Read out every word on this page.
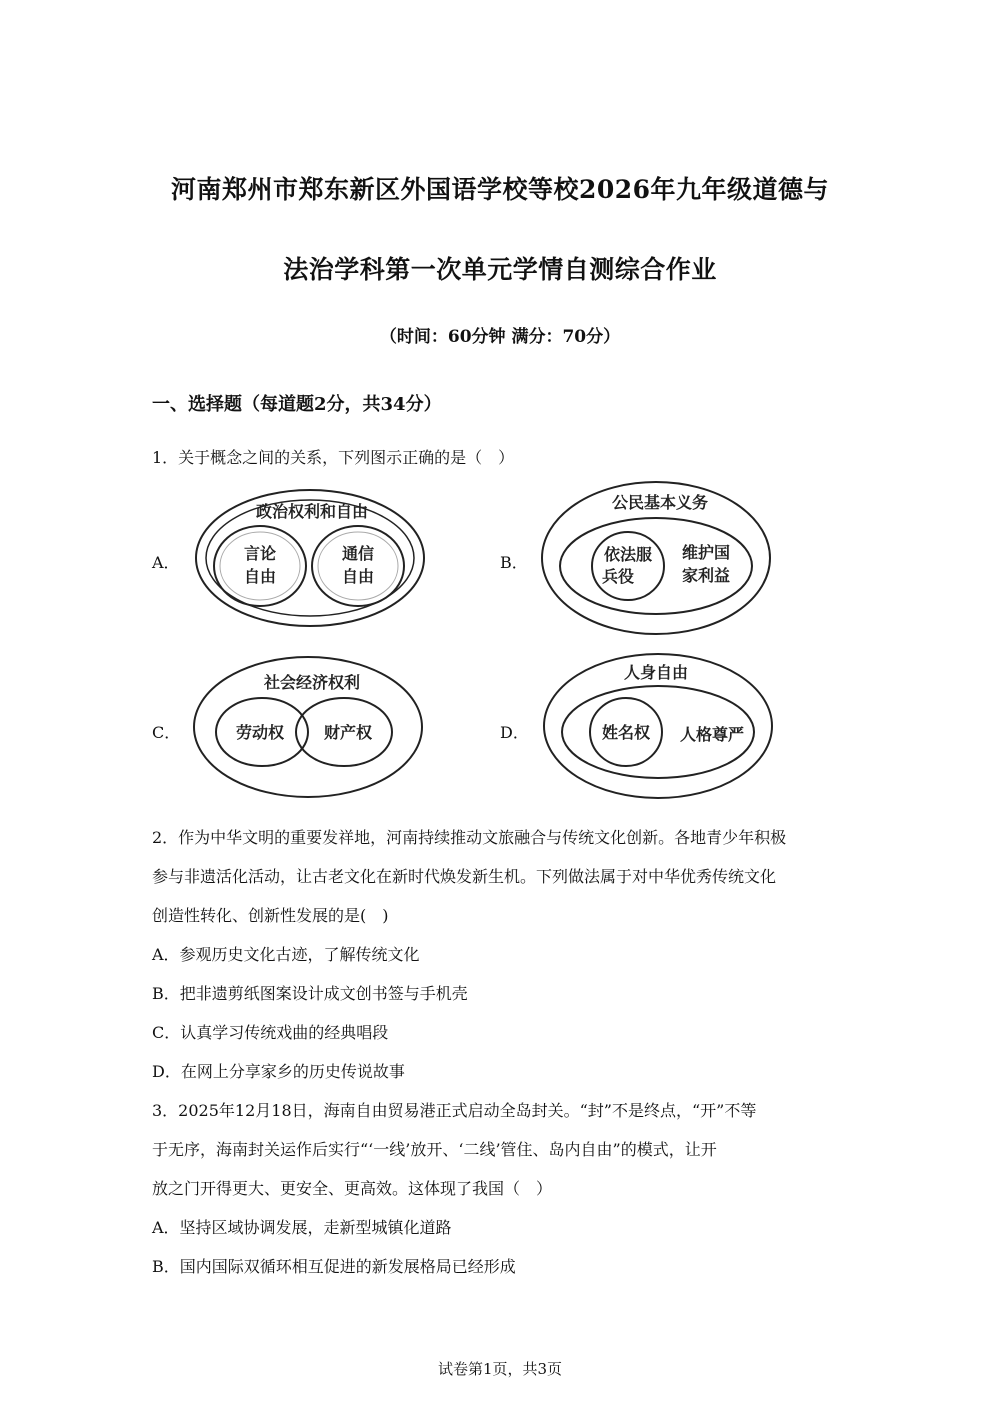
河南郑州市郑东新区外国语学校等校2026年九年级道德与
法治学科第一次单元学情自测综合作业
（时间：60分钟 满分：70分）
一、选择题（每道题2分，共34分）
1．关于概念之间的关系，下列图示正确的是（　）
A．	B．
C．	D．
政治权利和自由
言论
自由
通信
自由
公民基本义务
依法服
兵役
维护国
家利益
社会经济权利
劳动权 财产权
人身自由
姓名权 人格尊严
2．作为中华文明的重要发祥地，河南持续推动文旅融合与传统文化创新。各地青少年积极
参与非遗活化活动，让古老文化在新时代焕发新生机。下列做法属于对中华优秀传统文化
创造性转化、创新性发展的是(　)
A．参观历史文化古迹，了解传统文化
B．把非遗剪纸图案设计成文创书签与手机壳
C．认真学习传统戏曲的经典唱段
D．在网上分享家乡的历史传说故事
3．2025年12月18日，海南自由贸易港正式启动全岛封关。“封”不是终点，“开”不等
于无序，海南封关运作后实行“‘一线’放开、‘二线’管住、岛内自由”的模式，让开
放之门开得更大、更安全、更高效。这体现了我国（　）
A．坚持区域协调发展，走新型城镇化道路
B．国内国际双循环相互促进的新发展格局已经形成
试卷第1页，共3页
